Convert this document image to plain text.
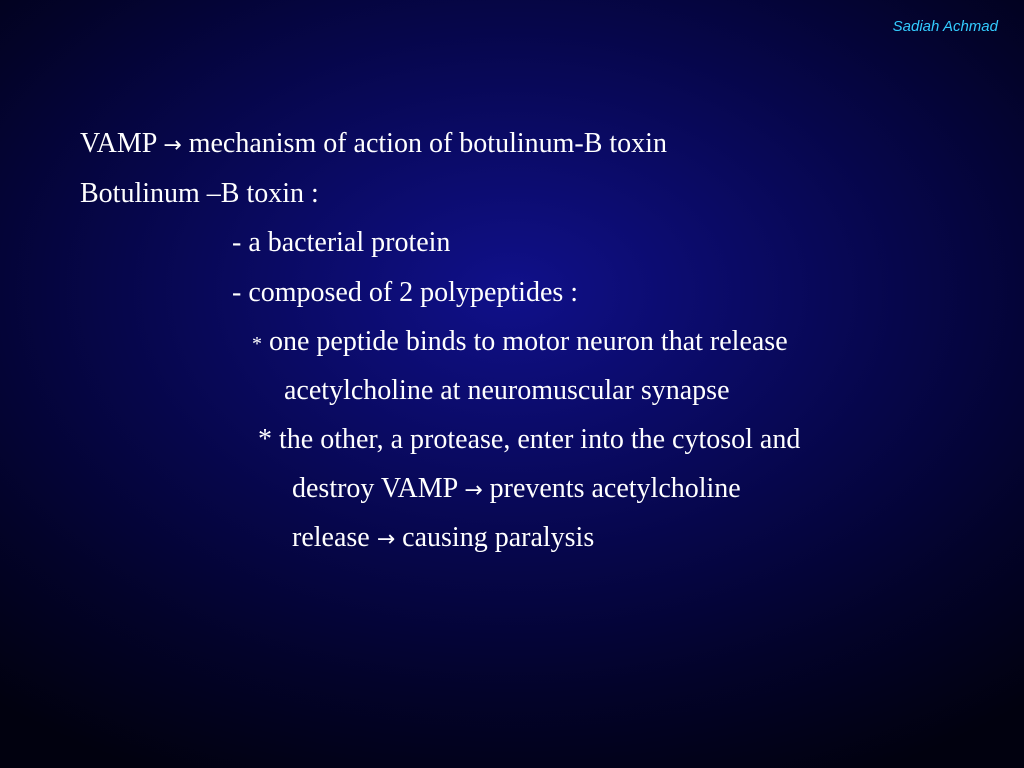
Sadiah Achmad
VAMP → mechanism of action of botulinum-B toxin
Botulinum –B toxin :
- a bacterial protein
- composed of 2 polypeptides :
* one peptide binds to motor neuron that release
acetylcholine at neuromuscular synapse
* the other, a protease, enter into the cytosol and
destroy VAMP → prevents acetylcholine
release → causing paralysis
